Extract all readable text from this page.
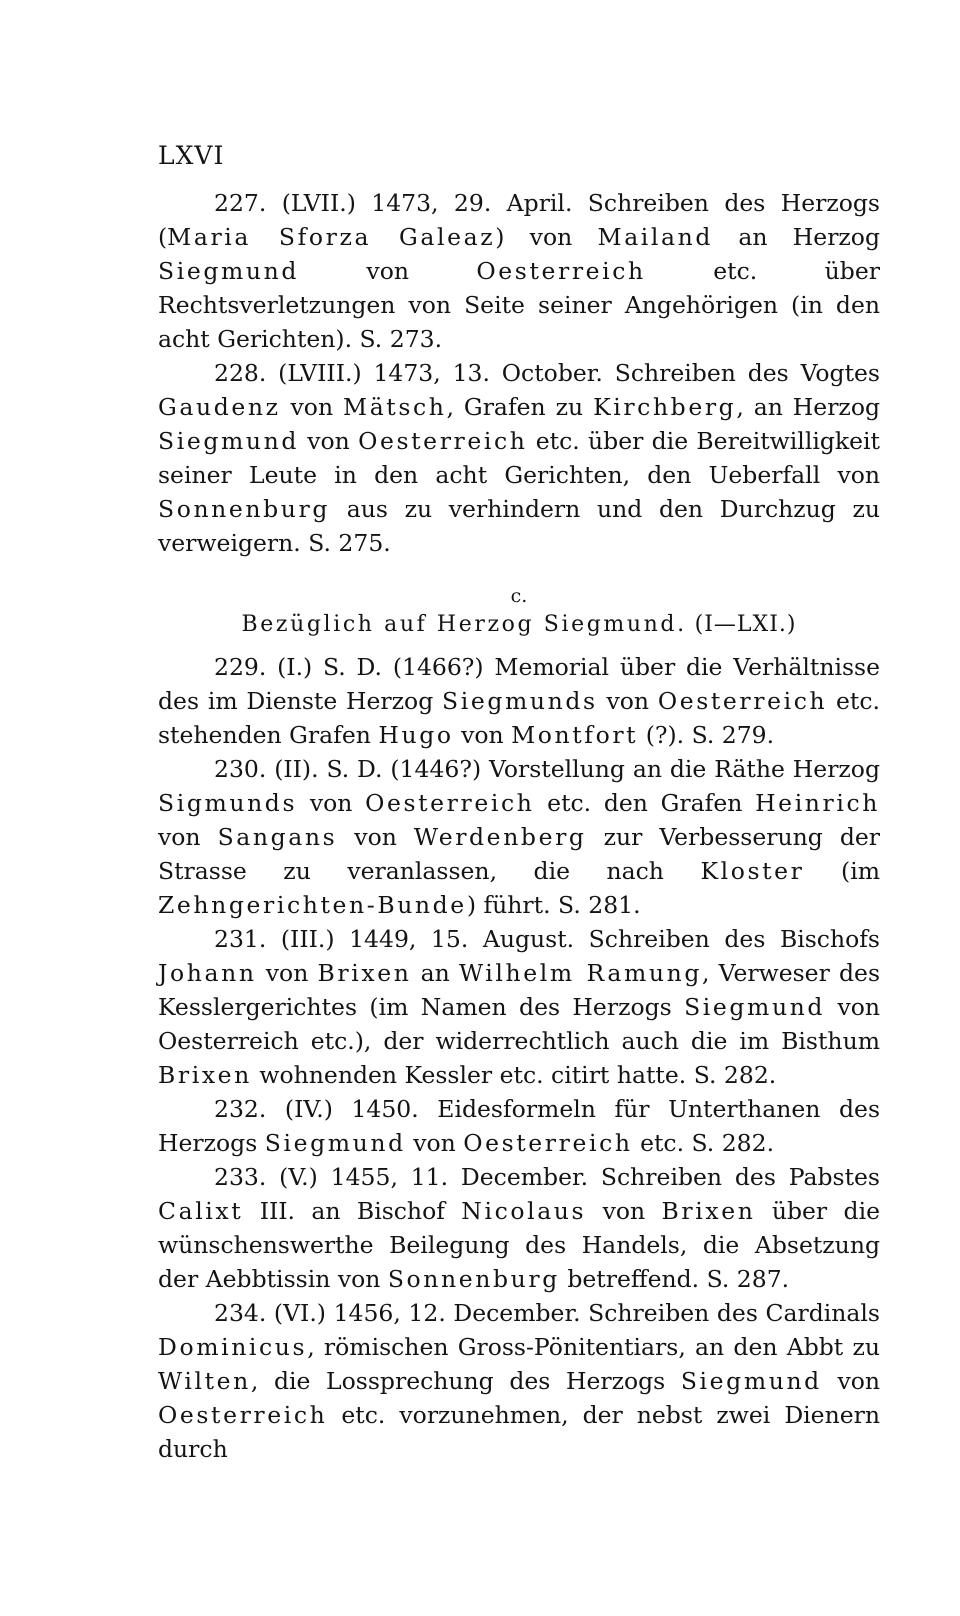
LXVI

227. (LVII.) 1473, 29. April. Schreiben des Herzogs (Maria Sforza Galeaz) von Mailand an Herzog Siegmund von Oesterreich etc. über Rechtsverletzungen von Seite seiner Angehörigen (in den acht Gerichten). S. 273.

228. (LVIII.) 1473, 13. October. Schreiben des Vogtes Gaudenz von Mätsch, Grafen zu Kirchberg, an Herzog Siegmund von Oesterreich etc. über die Bereitwilligkeit seiner Leute in den acht Gerichten, den Ueberfall von Sonnenburg aus zu verhindern und den Durchzug zu verweigern. S. 275.

c.

Bezüglich auf Herzog Siegmund. (I—LXI.)

229. (I.) S. D. (1466?) Memorial über die Verhältnisse des im Dienste Herzog Siegmunds von Oesterreich etc. stehenden Grafen Hugo von Montfort (?). S. 279.

230. (II). S. D. (1446?) Vorstellung an die Räthe Herzog Sigmunds von Oesterreich etc. den Grafen Heinrich von Sangans von Werdenberg zur Verbesserung der Strasse zu veranlassen, die nach Kloster (im Zehngerichten-Bunde) führt. S. 281.

231. (III.) 1449, 15. August. Schreiben des Bischofs Johann von Brixen an Wilhelm Ramung, Verweser des Kesslergerichtes (im Namen des Herzogs Siegmund von Oesterreich etc.), der widerrechtlich auch die im Bisthum Brixen wohnenden Kessler etc. citirt hatte. S. 282.

232. (IV.) 1450. Eidesformeln für Unterthanen des Herzogs Siegmund von Oesterreich etc. S. 282.

233. (V.) 1455, 11. December. Schreiben des Pabstes Calixt III. an Bischof Nicolaus von Brixen über die wünschenswerthe Beilegung des Handels, die Absetzung der Aebbtissin von Sonnenburg betreffend. S. 287.

234. (VI.) 1456, 12. December. Schreiben des Cardinals Dominicus, römischen Gross-Pönitentiars, an den Abbt zu Wilten, die Lossprechung des Herzogs Siegmund von Oesterreich etc. vorzunehmen, der nebst zwei Dienern durch
